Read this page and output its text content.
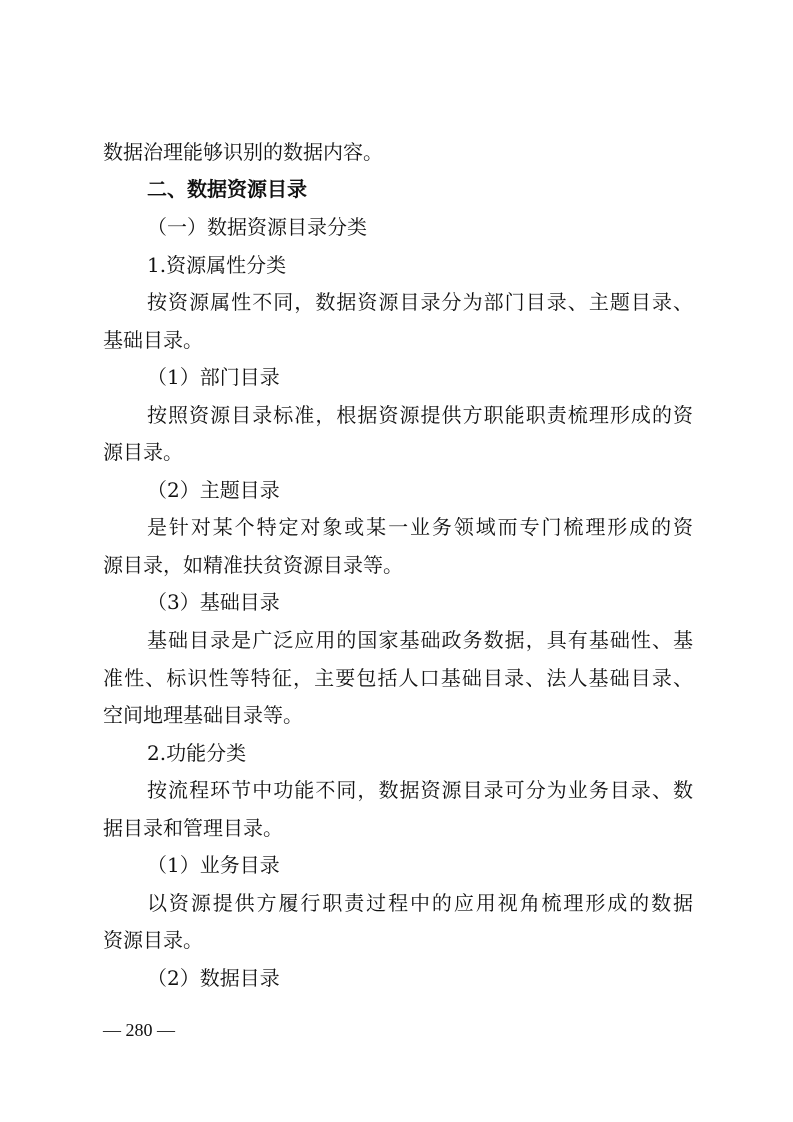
数据治理能够识别的数据内容。
二、数据资源目录
（一）数据资源目录分类
1.资源属性分类
按资源属性不同，数据资源目录分为部门目录、主题目录、
基础目录。
（1）部门目录
按照资源目录标准，根据资源提供方职能职责梳理形成的资
源目录。
（2）主题目录
是针对某个特定对象或某一业务领域而专门梳理形成的资
源目录，如精准扶贫资源目录等。
（3）基础目录
基础目录是广泛应用的国家基础政务数据，具有基础性、基
准性、标识性等特征，主要包括人口基础目录、法人基础目录、
空间地理基础目录等。
2.功能分类
按流程环节中功能不同，数据资源目录可分为业务目录、数
据目录和管理目录。
（1）业务目录
以资源提供方履行职责过程中的应用视角梳理形成的数据
资源目录。
（2）数据目录
— 280 —
